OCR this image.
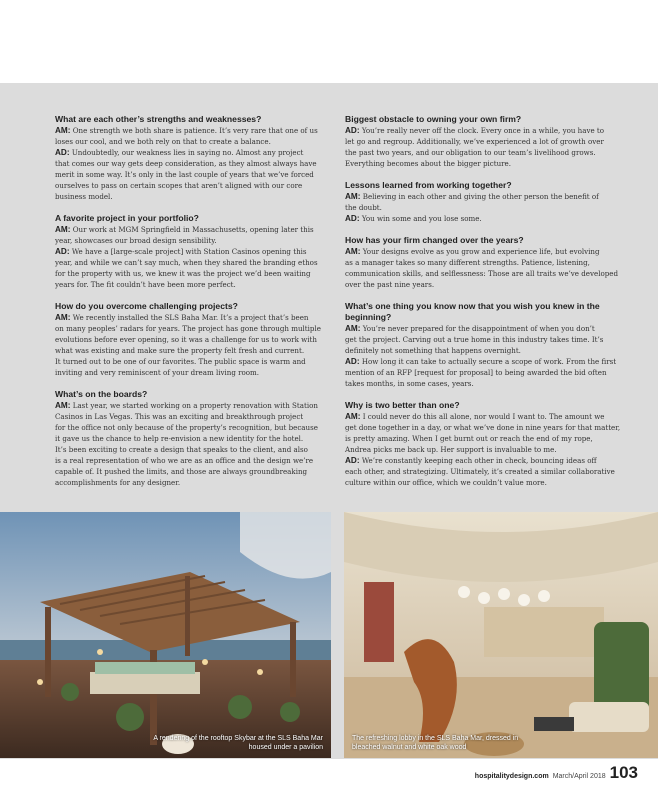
What are each other’s strengths and weaknesses?
AM: One strength we both share is patience. It’s very rare that one of us
loses our cool, and we both rely on that to create a balance.
AD: Undoubtedly, our weakness lies in saying no. Almost any project
that comes our way gets deep consideration, as they almost always have
merit in some way. It’s only in the last couple of years that we’ve forced
ourselves to pass on certain scopes that aren’t aligned with our core
business model.
A favorite project in your portfolio?
AM: Our work at MGM Springfield in Massachusetts, opening later this
year, showcases our broad design sensibility.
AD: We have a [large-scale project] with Station Casinos opening this
year, and while we can’t say much, when they shared the branding ethos
for the property with us, we knew it was the project we’d been waiting
years for. The fit couldn’t have been more perfect.
How do you overcome challenging projects?
AM: We recently installed the SLS Baha Mar. It’s a project that’s been
on many peoples’ radars for years. The project has gone through multiple
evolutions before ever opening, so it was a challenge for us to work with
what was existing and make sure the property felt fresh and current.
It turned out to be one of our favorites. The public space is warm and
inviting and very reminiscent of your dream living room.
What’s on the boards?
AM: Last year, we started working on a property renovation with Station
Casinos in Las Vegas. This was an exciting and breakthrough project
for the office not only because of the property’s recognition, but because
it gave us the chance to help re-envision a new identity for the hotel.
It’s been exciting to create a design that speaks to the client, and also
is a real representation of who we are as an office and the design we’re
capable of. It pushed the limits, and those are always groundbreaking
accomplishments for any designer.
Biggest obstacle to owning your own firm?
AD: You’re really never off the clock. Every once in a while, you have to
let go and regroup. Additionally, we’ve experienced a lot of growth over
the past two years, and our obligation to our team’s livelihood grows.
Everything becomes about the bigger picture.
Lessons learned from working together?
AM: Believing in each other and giving the other person the benefit of
the doubt.
AD: You win some and you lose some.
How has your firm changed over the years?
AM: Your designs evolve as you grow and experience life, but evolving
as a manager takes so many different strengths. Patience, listening,
communication skills, and selflessness: Those are all traits we’ve developed
over the past nine years.
What’s one thing you know now that you wish you knew in the beginning?
AM: You’re never prepared for the disappointment of when you don’t
get the project. Carving out a true home in this industry takes time. It’s
definitely not something that happens overnight.
AD: How long it can take to actually secure a scope of work. From the first
mention of an RFP [request for proposal] to being awarded the bid often
takes months, in some cases, years.
Why is two better than one?
AM: I could never do this all alone, nor would I want to. The amount we
get done together in a day, or what we’ve done in nine years for that matter,
is pretty amazing. When I get burnt out or reach the end of my rope,
Andrea picks me back up. Her support is invaluable to me.
AD: We’re constantly keeping each other in check, bouncing ideas off
each other, and strategizing. Ultimately, it’s created a similar collaborative
culture within our office, which we couldn’t value more.
A rendering of the rooftop Skybar at the SLS Baha Mar housed under a pavilion
The refreshing lobby in the SLS Baha Mar, dressed in bleached walnut and white oak wood
hospitalitydesign.com March/April 2018 103
